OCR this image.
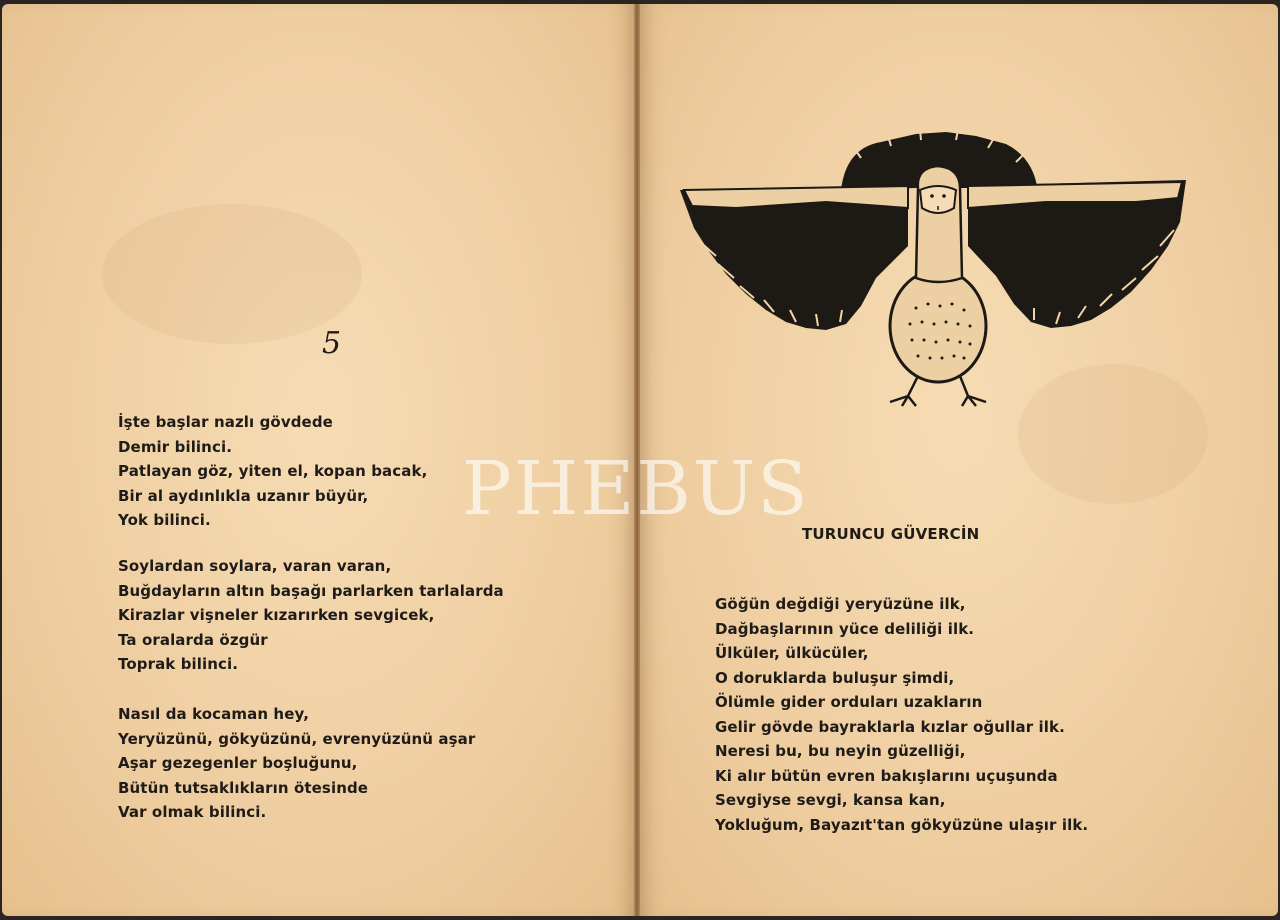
5
İşte başlar nazlı gövdede
Demir bilinci.
Patlayan göz, yiten el, kopan bacak,
Bir al aydınlıkla uzanır büyür,
Yok bilinci.
Soylardan soylara, varan varan,
Buğdayların altın başağı parlarken tarlalarda
Kirazlar vişneler kızarırken sevgicek,
Ta oralarda özgür
Toprak bilinci.
Nasıl da kocaman hey,
Yeryüzünü, gökyüzünü, evrenyüzünü aşar
Aşar gezegenler boşluğunu,
Bütün tutsaklıkların ötesinde
Var olmak bilinci.
TURUNCU GÜVERCİN
Göğün değdiği yeryüzüne ilk,
Dağbaşlarının yüce deliliği ilk.
Ülküler, ülkücüler,
O doruklarda buluşur şimdi,
Ölümle gider orduları uzakların
Gelir gövde bayraklarla kızlar oğullar ilk.
Neresi bu, bu neyin güzelliği,
Ki alır bütün evren bakışlarını uçuşunda
Sevgiyse sevgi, kansa kan,
Yokluğum, Bayazıt'tan gökyüzüne ulaşır ilk.
PHEBUS
